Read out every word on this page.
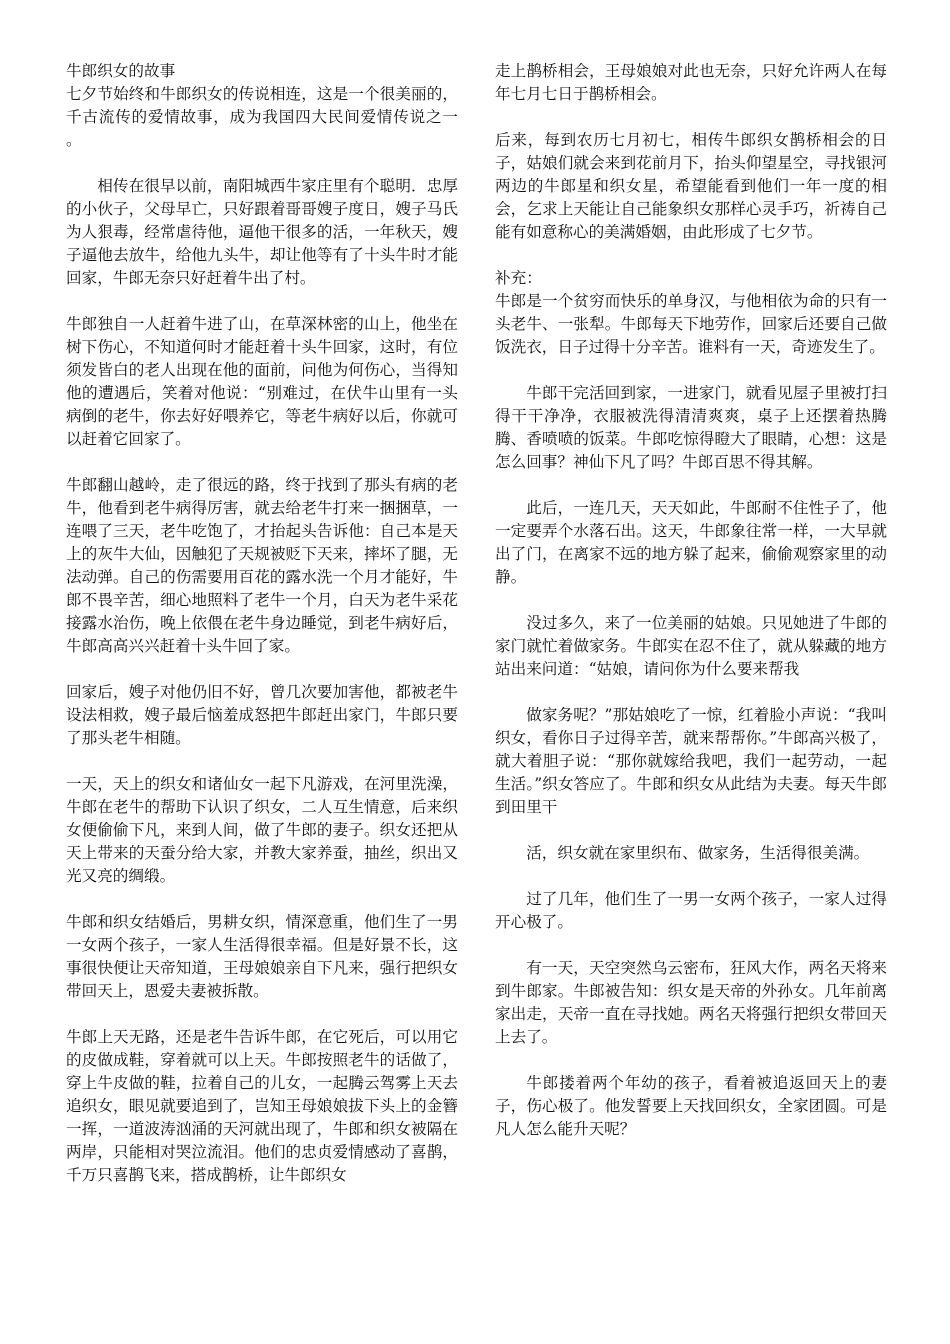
牛郎织女的故事

七夕节始终和牛郎织女的传说相连，这是一个很美丽的，千古流传的爱情故事，成为我国四大民间爱情传说之一 。

相传在很早以前，南阳城西牛家庄里有个聪明．忠厚的小伙子，父母早亡，只好跟着哥哥嫂子度日，嫂子马氏为人狠毒，经常虐待他，逼他干很多的活，一年秋天，嫂子逼他去放牛，给他九头牛，却让他等有了十头牛时才能回家，牛郎无奈只好赶着牛出了村。

牛郎独自一人赶着牛进了山，在草深林密的山上，他坐在树下伤心，不知道何时才能赶着十头牛回家，这时，有位须发皆白的老人出现在他的面前，问他为何伤心，当得知他的遭遇后，笑着对他说：“别难过，在伏牛山里有一头病倒的老牛，你去好好喂养它，等老牛病好以后，你就可以赶着它回家了。

牛郎翻山越岭，走了很远的路，终于找到了那头有病的老牛，他看到老牛病得厉害，就去给老牛打来一捆捆草，一连喂了三天，老牛吃饱了，才抬起头告诉他：自己本是天上的灰牛大仙，因触犯了天规被贬下天来，摔坏了腿，无法动弹。自己的伤需要用百花的露水洗一个月才能好，牛郎不畏辛苦，细心地照料了老牛一个月，白天为老牛采花接露水治伤，晚上依偎在老牛身边睡觉，到老牛病好后，牛郎高高兴兴赶着十头牛回了家。

回家后，嫂子对他仍旧不好，曾几次要加害他，都被老牛设法相救，嫂子最后恼羞成怒把牛郎赶出家门，牛郎只要了那头老牛相随。

一天，天上的织女和诸仙女一起下凡游戏，在河里洗澡，牛郎在老牛的帮助下认识了织女，二人互生情意，后来织女便偷偷下凡，来到人间，做了牛郎的妻子。织女还把从天上带来的天蚕分给大家，并教大家养蚕，抽丝，织出又光又亮的绸缎。

牛郎和织女结婚后，男耕女织，情深意重，他们生了一男一女两个孩子，一家人生活得很幸福。但是好景不长，这事很快便让天帝知道，王母娘娘亲自下凡来，强行把织女带回天上，恩爱夫妻被拆散。

牛郎上天无路，还是老牛告诉牛郎，在它死后，可以用它的皮做成鞋，穿着就可以上天。牛郎按照老牛的话做了，穿上牛皮做的鞋，拉着自己的儿女，一起腾云驾雾上天去追织女，眼见就要追到了，岂知王母娘娘拔下头上的金簪一挥，一道波涛汹涌的天河就出现了，牛郎和织女被隔在两岸，只能相对哭泣流泪。他们的忠贞爱情感动了喜鹊，千万只喜鹊飞来，搭成鹊桥，让牛郎织女

走上鹊桥相会，王母娘娘对此也无奈，只好允许两人在每年七月七日于鹊桥相会。

后来，每到农历七月初七，相传牛郎织女鹊桥相会的日子，姑娘们就会来到花前月下，抬头仰望星空，寻找银河两边的牛郎星和织女星，希望能看到他们一年一度的相会，乞求上天能让自己能象织女那样心灵手巧，祈祷自己能有如意称心的美满婚姻，由此形成了七夕节。

补充：

牛郎是一个贫穷而快乐的单身汉，与他相依为命的只有一头老牛、一张犁。牛郎每天下地劳作，回家后还要自己做饭洗衣，日子过得十分辛苦。谁料有一天，奇迹发生了。

牛郎干完活回到家，一进家门，就看见屋子里被打扫得干干净净，衣服被洗得清清爽爽，桌子上还摆着热腾腾、香喷喷的饭菜。牛郎吃惊得瞪大了眼睛，心想：这是怎么回事？神仙下凡了吗？牛郎百思不得其解。

此后，一连几天，天天如此，牛郎耐不住性子了，他一定要弄个水落石出。这天，牛郎象往常一样，一大早就出了门，在离家不远的地方躲了起来，偷偷观察家里的动静。

没过多久，来了一位美丽的姑娘。只见她进了牛郎的家门就忙着做家务。牛郎实在忍不住了，就从躲藏的地方站出来问道：“姑娘，请问你为什么要来帮我

做家务呢？”那姑娘吃了一惊，红着脸小声说：“我叫织女，看你日子过得辛苦，就来帮帮你。”牛郎高兴极了，就大着胆子说：“那你就嫁给我吧，我们一起劳动，一起生活。”织女答应了。牛郎和织女从此结为夫妻。每天牛郎到田里干

活，织女就在家里织布、做家务，生活得很美满。

过了几年，他们生了一男一女两个孩子，一家人过得开心极了。

有一天，天空突然乌云密布，狂风大作，两名天将来到牛郎家。牛郎被告知：织女是天帝的外孙女。几年前离家出走，天帝一直在寻找她。两名天将强行把织女带回天上去了。

牛郎搂着两个年幼的孩子，看着被追返回天上的妻子，伤心极了。他发誓要上天找回织女，全家团圆。可是凡人怎么能升天呢？
